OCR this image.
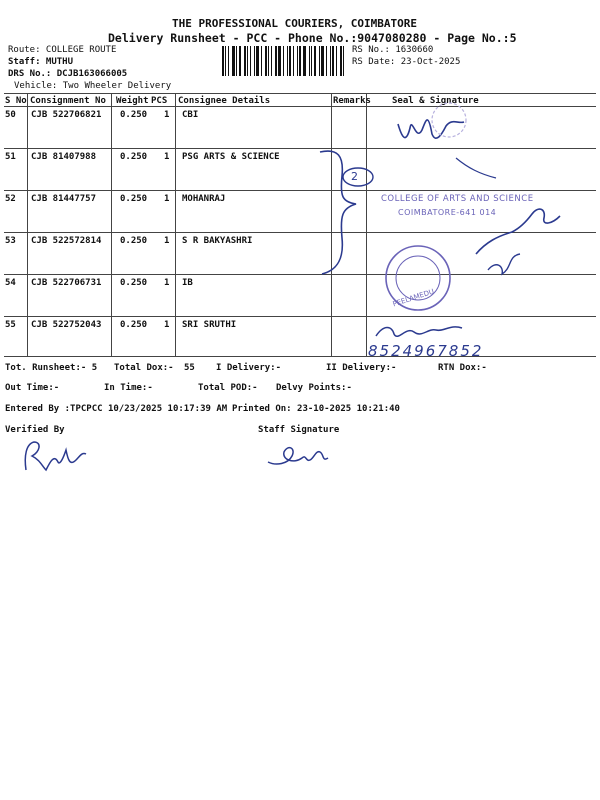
THE PROFESSIONAL COURIERS, COIMBATORE
Delivery Runsheet - PCC - Phone No.:9047080280 - Page No.:5
Route: COLLEGE ROUTE
Staff: MUTHU
DRS No.: DCJB163066005
Vehicle: Two Wheeler Delivery
RS No.: 1630660
RS Date: 23-Oct-2025
S No Consignment No Weight PCS Consignee Details	Remarks Seal & Signature
50 CJB 522706821 0.250 1 CBI
51 CJB 81407988	0.250 1 PSG ARTS & SCIENCE
52 CJB 81447757	0.250 1 MOHANRAJ
53 CJB 522572814 0.250 1 S R BAKYASHRI
54 CJB 522706731 0.250 1 IB
55 CJB 522752043 0.250 1 SRI SRUTHI
2
COLLEGE OF ARTS AND SCIENCE
COIMBATORE-641 014
PEELAMEDU
8524967852
Tot. Runsheet:- 5 Total Dox:- 55 I Delivery:-	II Delivery:-	RTN Dox:-
Out Time:-	In Time:-	Total POD:- Delvy Points:-
Entered By :TPCPCC 10/23/2025 10:17:39 AM Printed On: 23-10-2025 10:21:40
Verified By	Staff Signature
